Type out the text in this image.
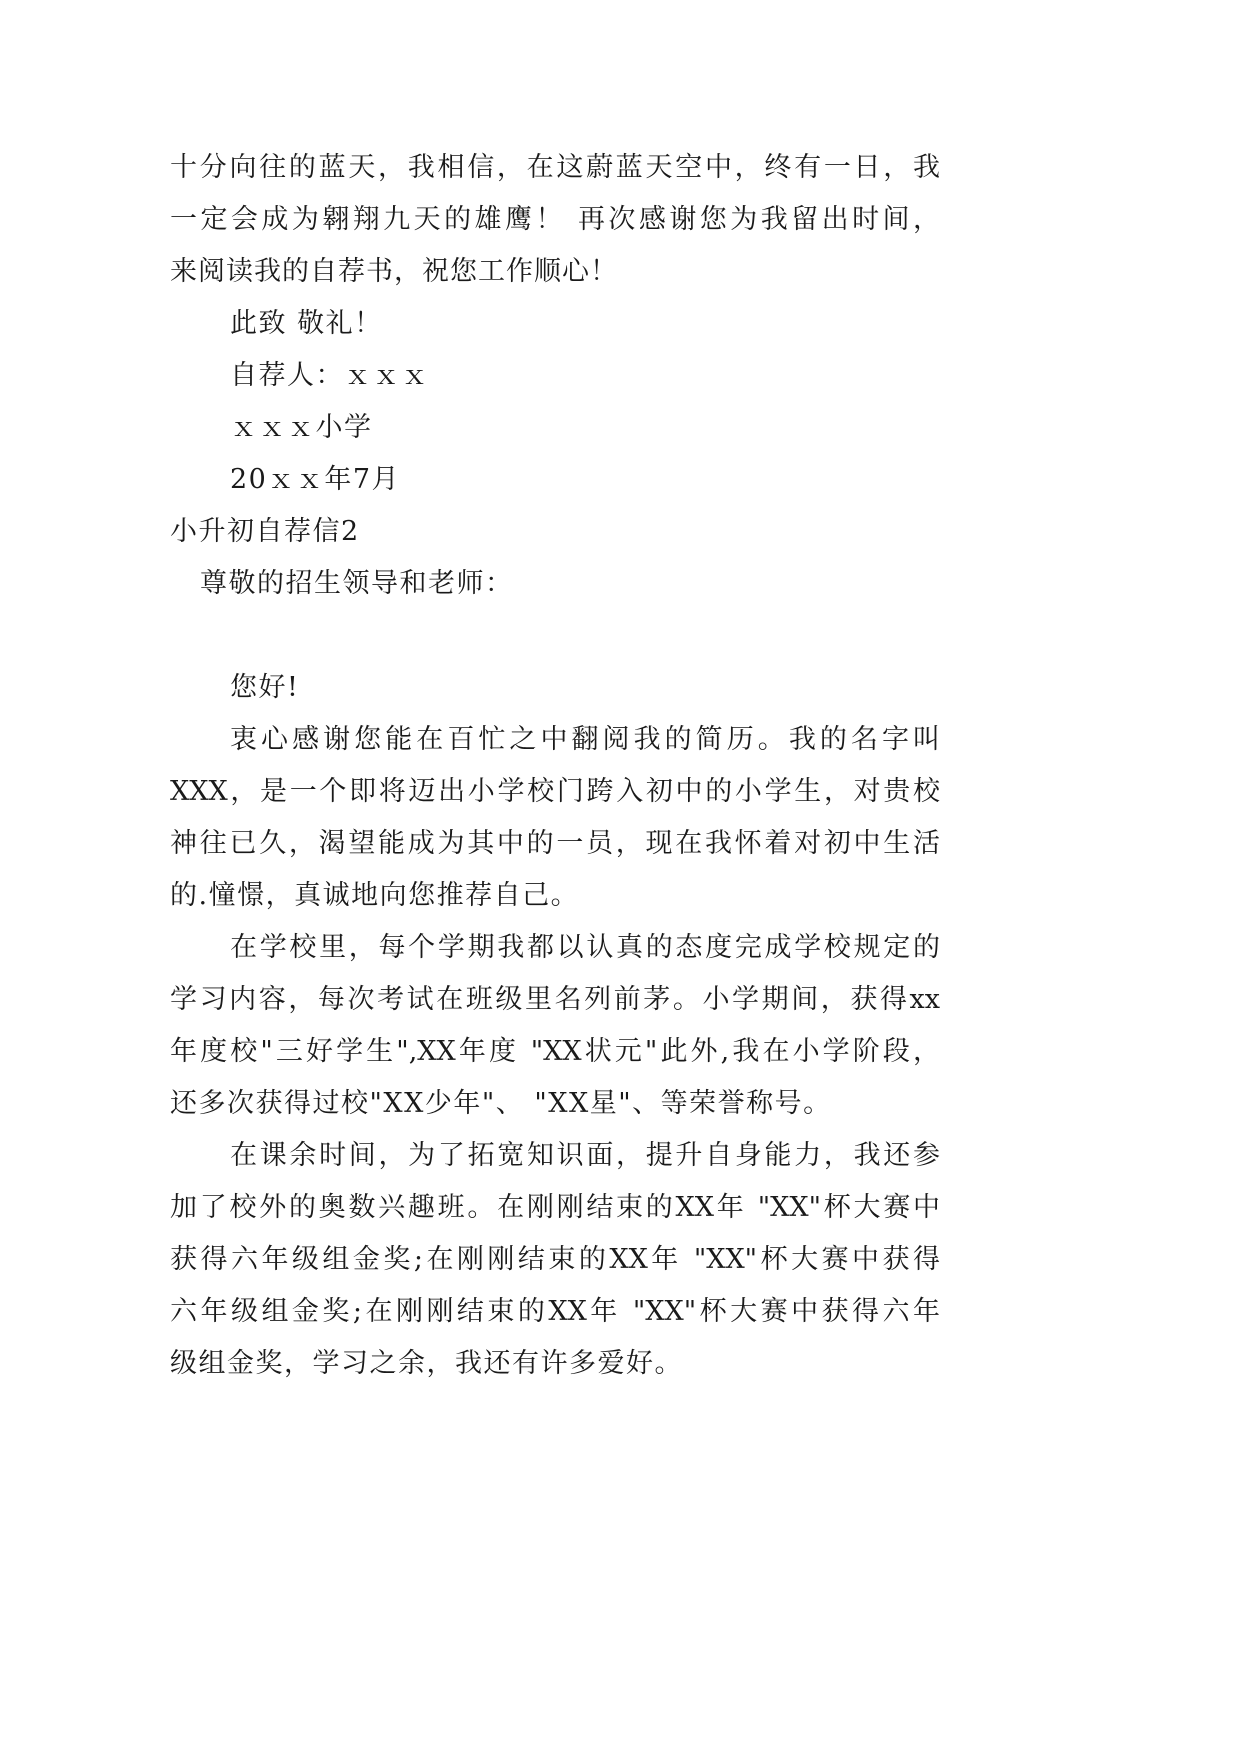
十分向往的蓝天，我相信，在这蔚蓝天空中，终有一日，我
一定会成为翱翔九天的雄鹰！ 再次感谢您为我留出时间，
来阅读我的自荐书，祝您工作顺心！
此致 敬礼！
自荐人：ｘｘｘ
ｘｘｘ小学
20ｘｘ年7月
小升初自荐信2
尊敬的招生领导和老师：
您好!
衷心感谢您能在百忙之中翻阅我的简历。我的名字叫
XXX，是一个即将迈出小学校门跨入初中的小学生，对贵校
神往已久，渴望能成为其中的一员，现在我怀着对初中生活
的.憧憬，真诚地向您推荐自己。
在学校里，每个学期我都以认真的态度完成学校规定的
学习内容，每次考试在班级里名列前茅。小学期间，获得xx
年度校"三好学生",XX年度 "XX状元"此外,我在小学阶段，
还多次获得过校"XX少年"、 "XX星"、等荣誉称号。
在课余时间，为了拓宽知识面，提升自身能力，我还参
加了校外的奥数兴趣班。在刚刚结束的XX年 "XX"杯大赛中
获得六年级组金奖;在刚刚结束的XX年 "XX"杯大赛中获得
六年级组金奖;在刚刚结束的XX年 "XX"杯大赛中获得六年
级组金奖，学习之余，我还有许多爱好。
